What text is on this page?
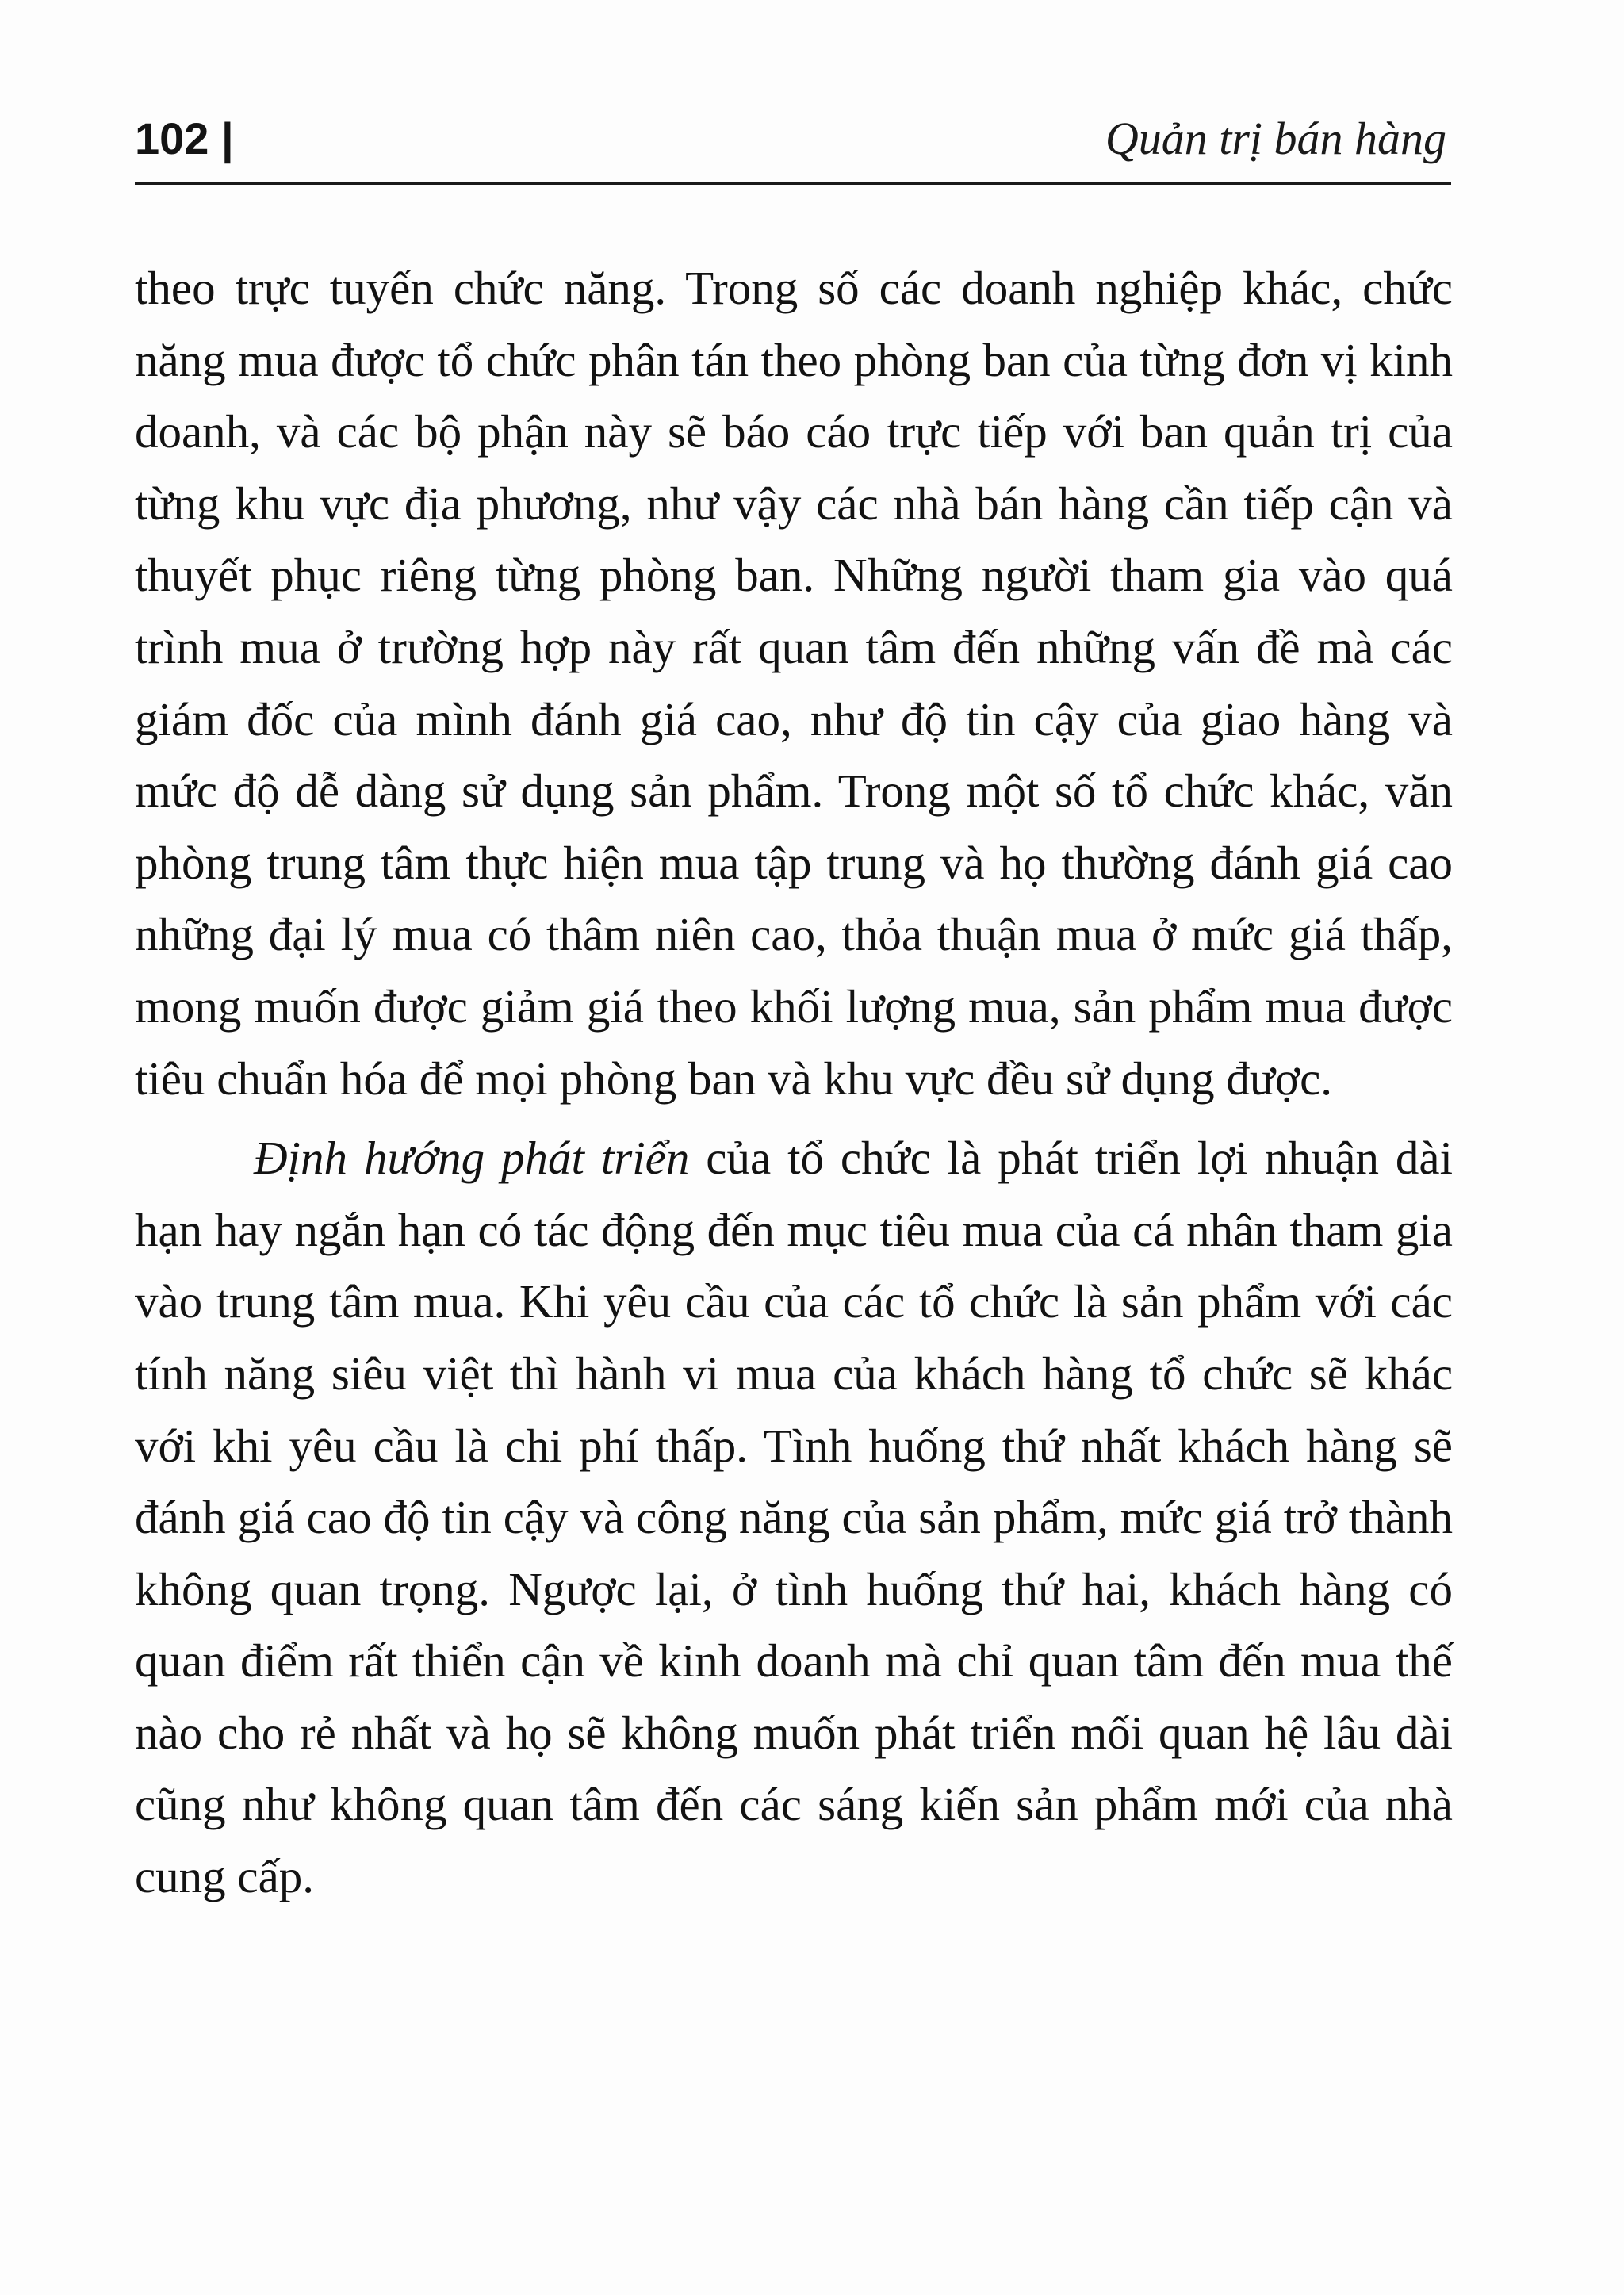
102 |	Quản trị bán hàng

theo trực tuyến chức năng. Trong số các doanh nghiệp khác, chức năng mua được tổ chức phân tán theo phòng ban của từng đơn vị kinh doanh, và các bộ phận này sẽ báo cáo trực tiếp với ban quản trị của từng khu vực địa phương, như vậy các nhà bán hàng cần tiếp cận và thuyết phục riêng từng phòng ban. Những người tham gia vào quá trình mua ở trường hợp này rất quan tâm đến những vấn đề mà các giám đốc của mình đánh giá cao, như độ tin cậy của giao hàng và mức độ dễ dàng sử dụng sản phẩm. Trong một số tổ chức khác, văn phòng trung tâm thực hiện mua tập trung và họ thường đánh giá cao những đại lý mua có thâm niên cao, thỏa thuận mua ở mức giá thấp, mong muốn được giảm giá theo khối lượng mua, sản phẩm mua được tiêu chuẩn hóa để mọi phòng ban và khu vực đều sử dụng được.

Định hướng phát triển của tổ chức là phát triển lợi nhuận dài hạn hay ngắn hạn có tác động đến mục tiêu mua của cá nhân tham gia vào trung tâm mua. Khi yêu cầu của các tổ chức là sản phẩm với các tính năng siêu việt thì hành vi mua của khách hàng tổ chức sẽ khác với khi yêu cầu là chi phí thấp. Tình huống thứ nhất khách hàng sẽ đánh giá cao độ tin cậy và công năng của sản phẩm, mức giá trở thành không quan trọng. Ngược lại, ở tình huống thứ hai, khách hàng có quan điểm rất thiển cận về kinh doanh mà chỉ quan tâm đến mua thế nào cho rẻ nhất và họ sẽ không muốn phát triển mối quan hệ lâu dài cũng như không quan tâm đến các sáng kiến sản phẩm mới của nhà cung cấp.
